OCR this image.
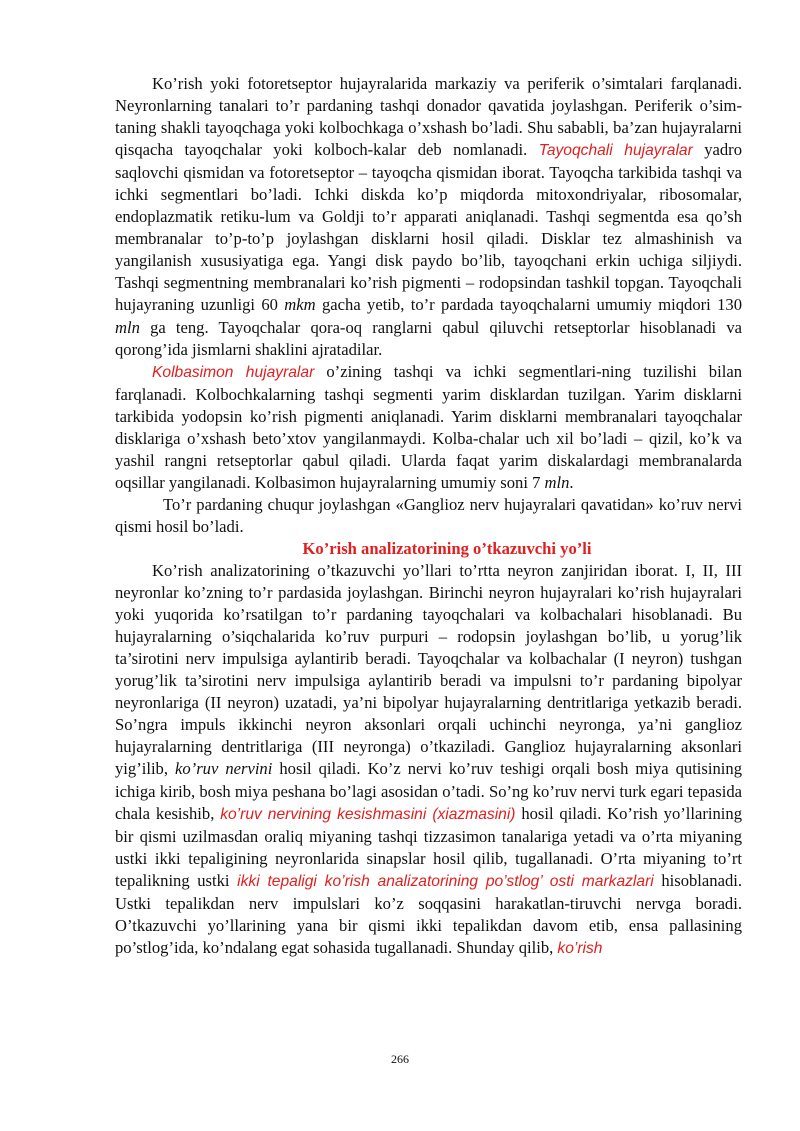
Ko’rish yoki fotoretseptor hujayralarida markaziy va periferik o’simtalari farqlanadi. Neyronlarning tanalari to’r pardaning tashqi donador qavatida joylashgan. Periferik o’sim-taning shakli tayoqchaga yoki kolbochkaga o’xshash bo’ladi. Shu sababli, ba’zan hujayralarni qisqacha tayoqchalar yoki kolboch-kalar deb nomlanadi. Tayoqchali hujayralar yadro saqlovchi qismidan va fotoretseptor – tayoqcha qismidan iborat. Tayoqcha tarkibida tashqi va ichki segmentlari bo’ladi. Ichki diskda ko’p miqdorda mitoxondriyalar, ribosomalar, endoplazmatik retiku-lum va Goldji to’r apparati aniqlanadi. Tashqi segmentda esa qo’sh membranalar to’p-to’p joylashgan disklarni hosil qiladi. Disklar tez almashinish va yangilanish xususiyatiga ega. Yangi disk paydo bo’lib, tayoqchani erkin uchiga siljiydi. Tashqi segmentning membranalari ko’rish pigmenti – rodopsindan tashkil topgan. Tayoqchali hujayraning uzunligi 60 mkm gacha yetib, to’r pardada tayoqchalarni umumiy miqdori 130 mln ga teng. Tayoqchalar qora-oq ranglarni qabul qiluvchi retseptorlar hisoblanadi va qorong’ida jismlarni shaklini ajratadilar.

Kolbasimon hujayralar o’zining tashqi va ichki segmentlari-ning tuzilishi bilan farqlanadi. Kolbochkalarning tashqi segmenti yarim disklardan tuzilgan. Yarim disklarni tarkibida yodopsin ko’rish pigmenti aniqlanadi. Yarim disklarni membranalari tayoqchalar disklariga o’xshash beto’xtov yangilanmaydi. Kolba-chalar uch xil bo’ladi – qizil, ko’k va yashil rangni retseptorlar qabul qiladi. Ularda faqat yarim diskalardagi membranalarda oqsillar yangilanadi. Kolbasimon hujayralarning umumiy soni 7 mln.

To’r pardaning chuqur joylashgan «Ganglioz nerv hujayralari qavatidan» ko’ruv nervi qismi hosil bo’ladi.

Ko’rish analizatorining o’tkazuvchi yo’li

Ko’rish analizatorining o’tkazuvchi yo’llari to’rtta neyron zanjiridan iborat. I, II, III neyronlar ko’zning to’r pardasida joylashgan. Birinchi neyron hujayralari ko’rish hujayralari yoki yuqorida ko’rsatilgan to’r pardaning tayoqchalari va kolbachalari hisoblanadi. Bu hujayralarning o’siqchalarida ko’ruv purpuri – rodopsin joylashgan bo’lib, u yorug’lik ta’sirotini nerv impulsiga aylantirib beradi. Tayoqchalar va kolbachalar (I neyron) tushgan yorug’lik ta’sirotini nerv impulsiga aylantirib beradi va impulsni to’r pardaning bipolyar neyronlariga (II neyron) uzatadi, ya’ni bipolyar hujayralarning dentritlariga yetkazib beradi. So’ngra impuls ikkinchi neyron aksonlari orqali uchinchi neyronga, ya’ni ganglioz hujayralarning dentritlariga (III neyronga) o’tkaziladi. Ganglioz hujayralarning aksonlari yig’ilib, ko’ruv nervini hosil qiladi. Ko’z nervi ko’ruv teshigi orqali bosh miya qutisining ichiga kirib, bosh miya peshana bo’lagi asosidan o’tadi. So’ng ko’ruv nervi turk egari tepasida chala kesishib, ko’ruv nervining kesishmasini (xiazmasini) hosil qiladi. Ko’rish yo’llarining bir qismi uzilmasdan oraliq miyaning tashqi tizzasimon tanalariga yetadi va o’rta miyaning ustki ikki tepaligining neyronlarida sinapslar hosil qilib, tugallanadi. O’rta miyaning to’rt tepalikning ustki ikki tepaligi ko’rish analizatorining po’stlog’ osti markazlari hisoblanadi. Ustki tepalikdan nerv impulslari ko’z soqqasini harakatlan-tiruvchi nervga boradi. O’tkazuvchi yo’llarining yana bir qismi ikki tepalikdan davom etib, ensa pallasining po’stlog’ida, ko’ndalang egat sohasida tugallanadi. Shunday qilib, ko’rish

266
